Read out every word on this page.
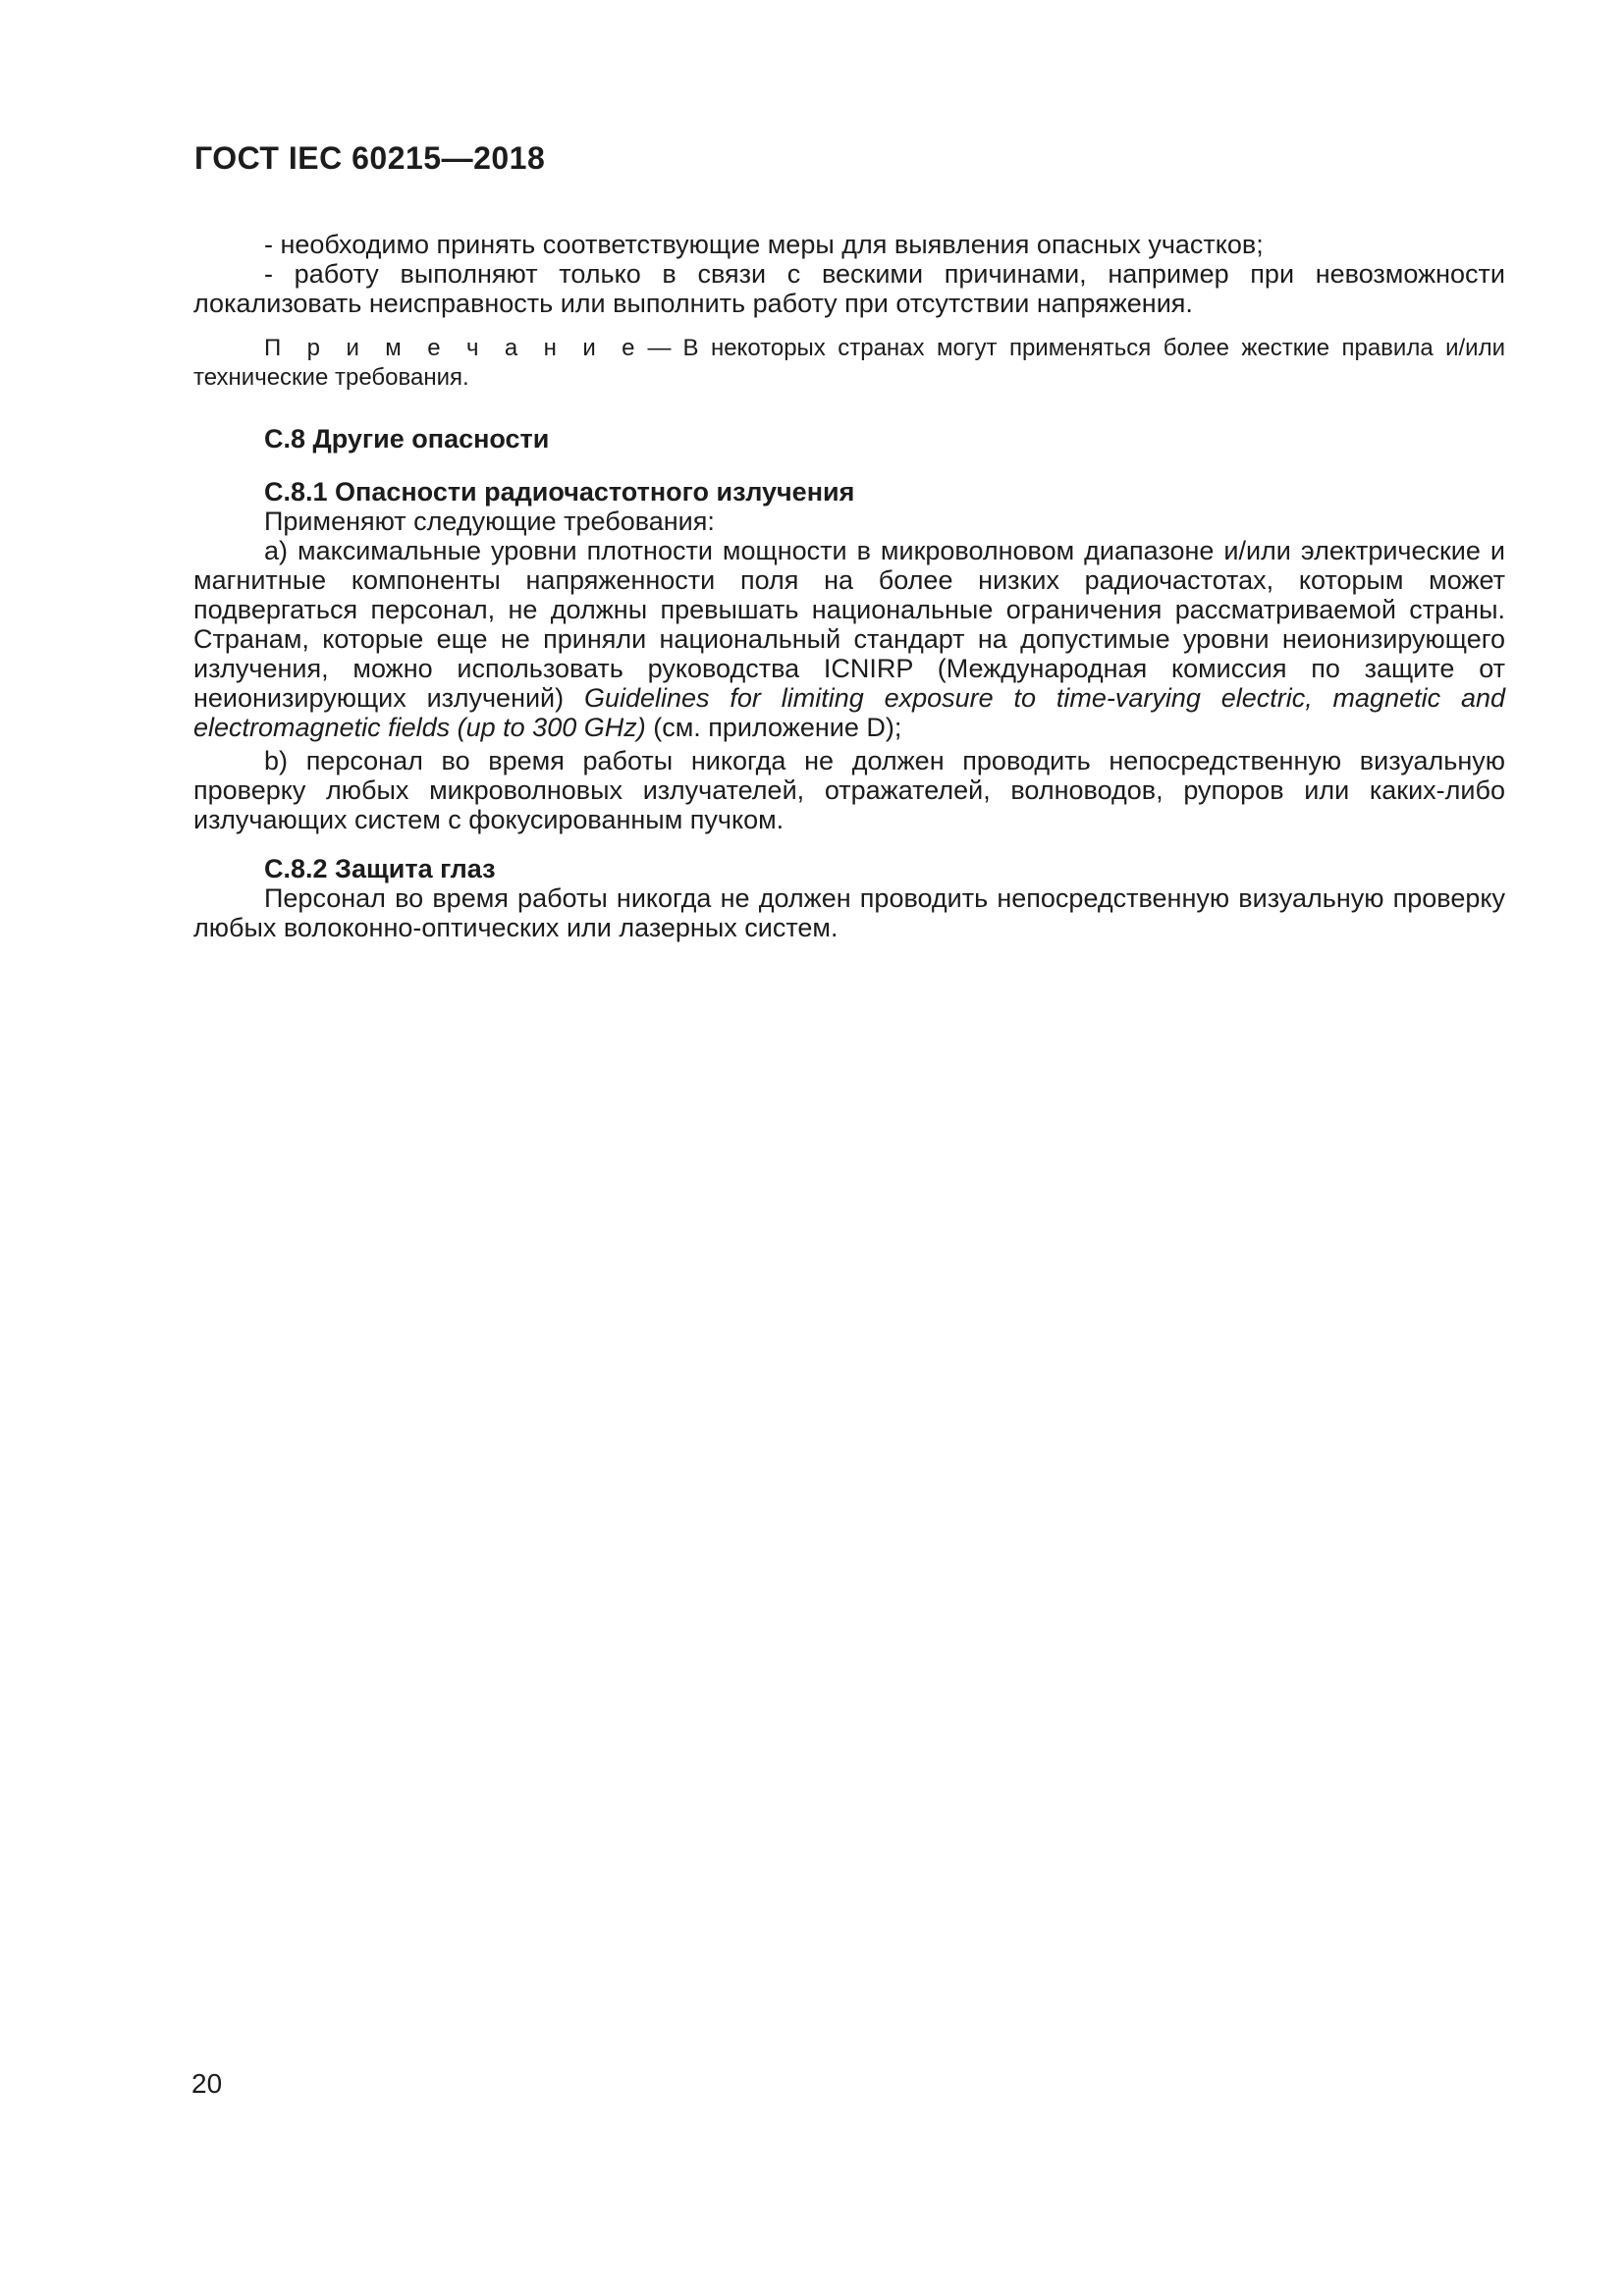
ГОСТ IEC 60215—2018

- необходимо принять соответствующие меры для выявления опасных участков;

- работу выполняют только в связи с вескими причинами, например при невозможности локализовать неисправность или выполнить работу при отсутствии напряжения.

П р и м е ч а н и е — В некоторых странах могут применяться более жесткие правила и/или технические требования.

С.8 Другие опасности

С.8.1 Опасности радиочастотного излучения

Применяют следующие требования:

a) максимальные уровни плотности мощности в микроволновом диапазоне и/или электрические и магнитные компоненты напряженности поля на более низких радиочастотах, которым может подвергаться персонал, не должны превышать национальные ограничения рассматриваемой страны. Странам, которые еще не приняли национальный стандарт на допустимые уровни неионизирующего излучения, можно использовать руководства ICNIRP (Международная комиссия по защите от неионизирующих излучений) Guidelines for limiting exposure to time-varying electric, magnetic and electromagnetic fields (up to 300 GHz) (см. приложение D);

b) персонал во время работы никогда не должен проводить непосредственную визуальную проверку любых микроволновых излучателей, отражателей, волноводов, рупоров или каких-либо излучающих систем с фокусированным пучком.

С.8.2 Защита глаз

Персонал во время работы никогда не должен проводить непосредственную визуальную проверку любых волоконно-оптических или лазерных систем.

20
